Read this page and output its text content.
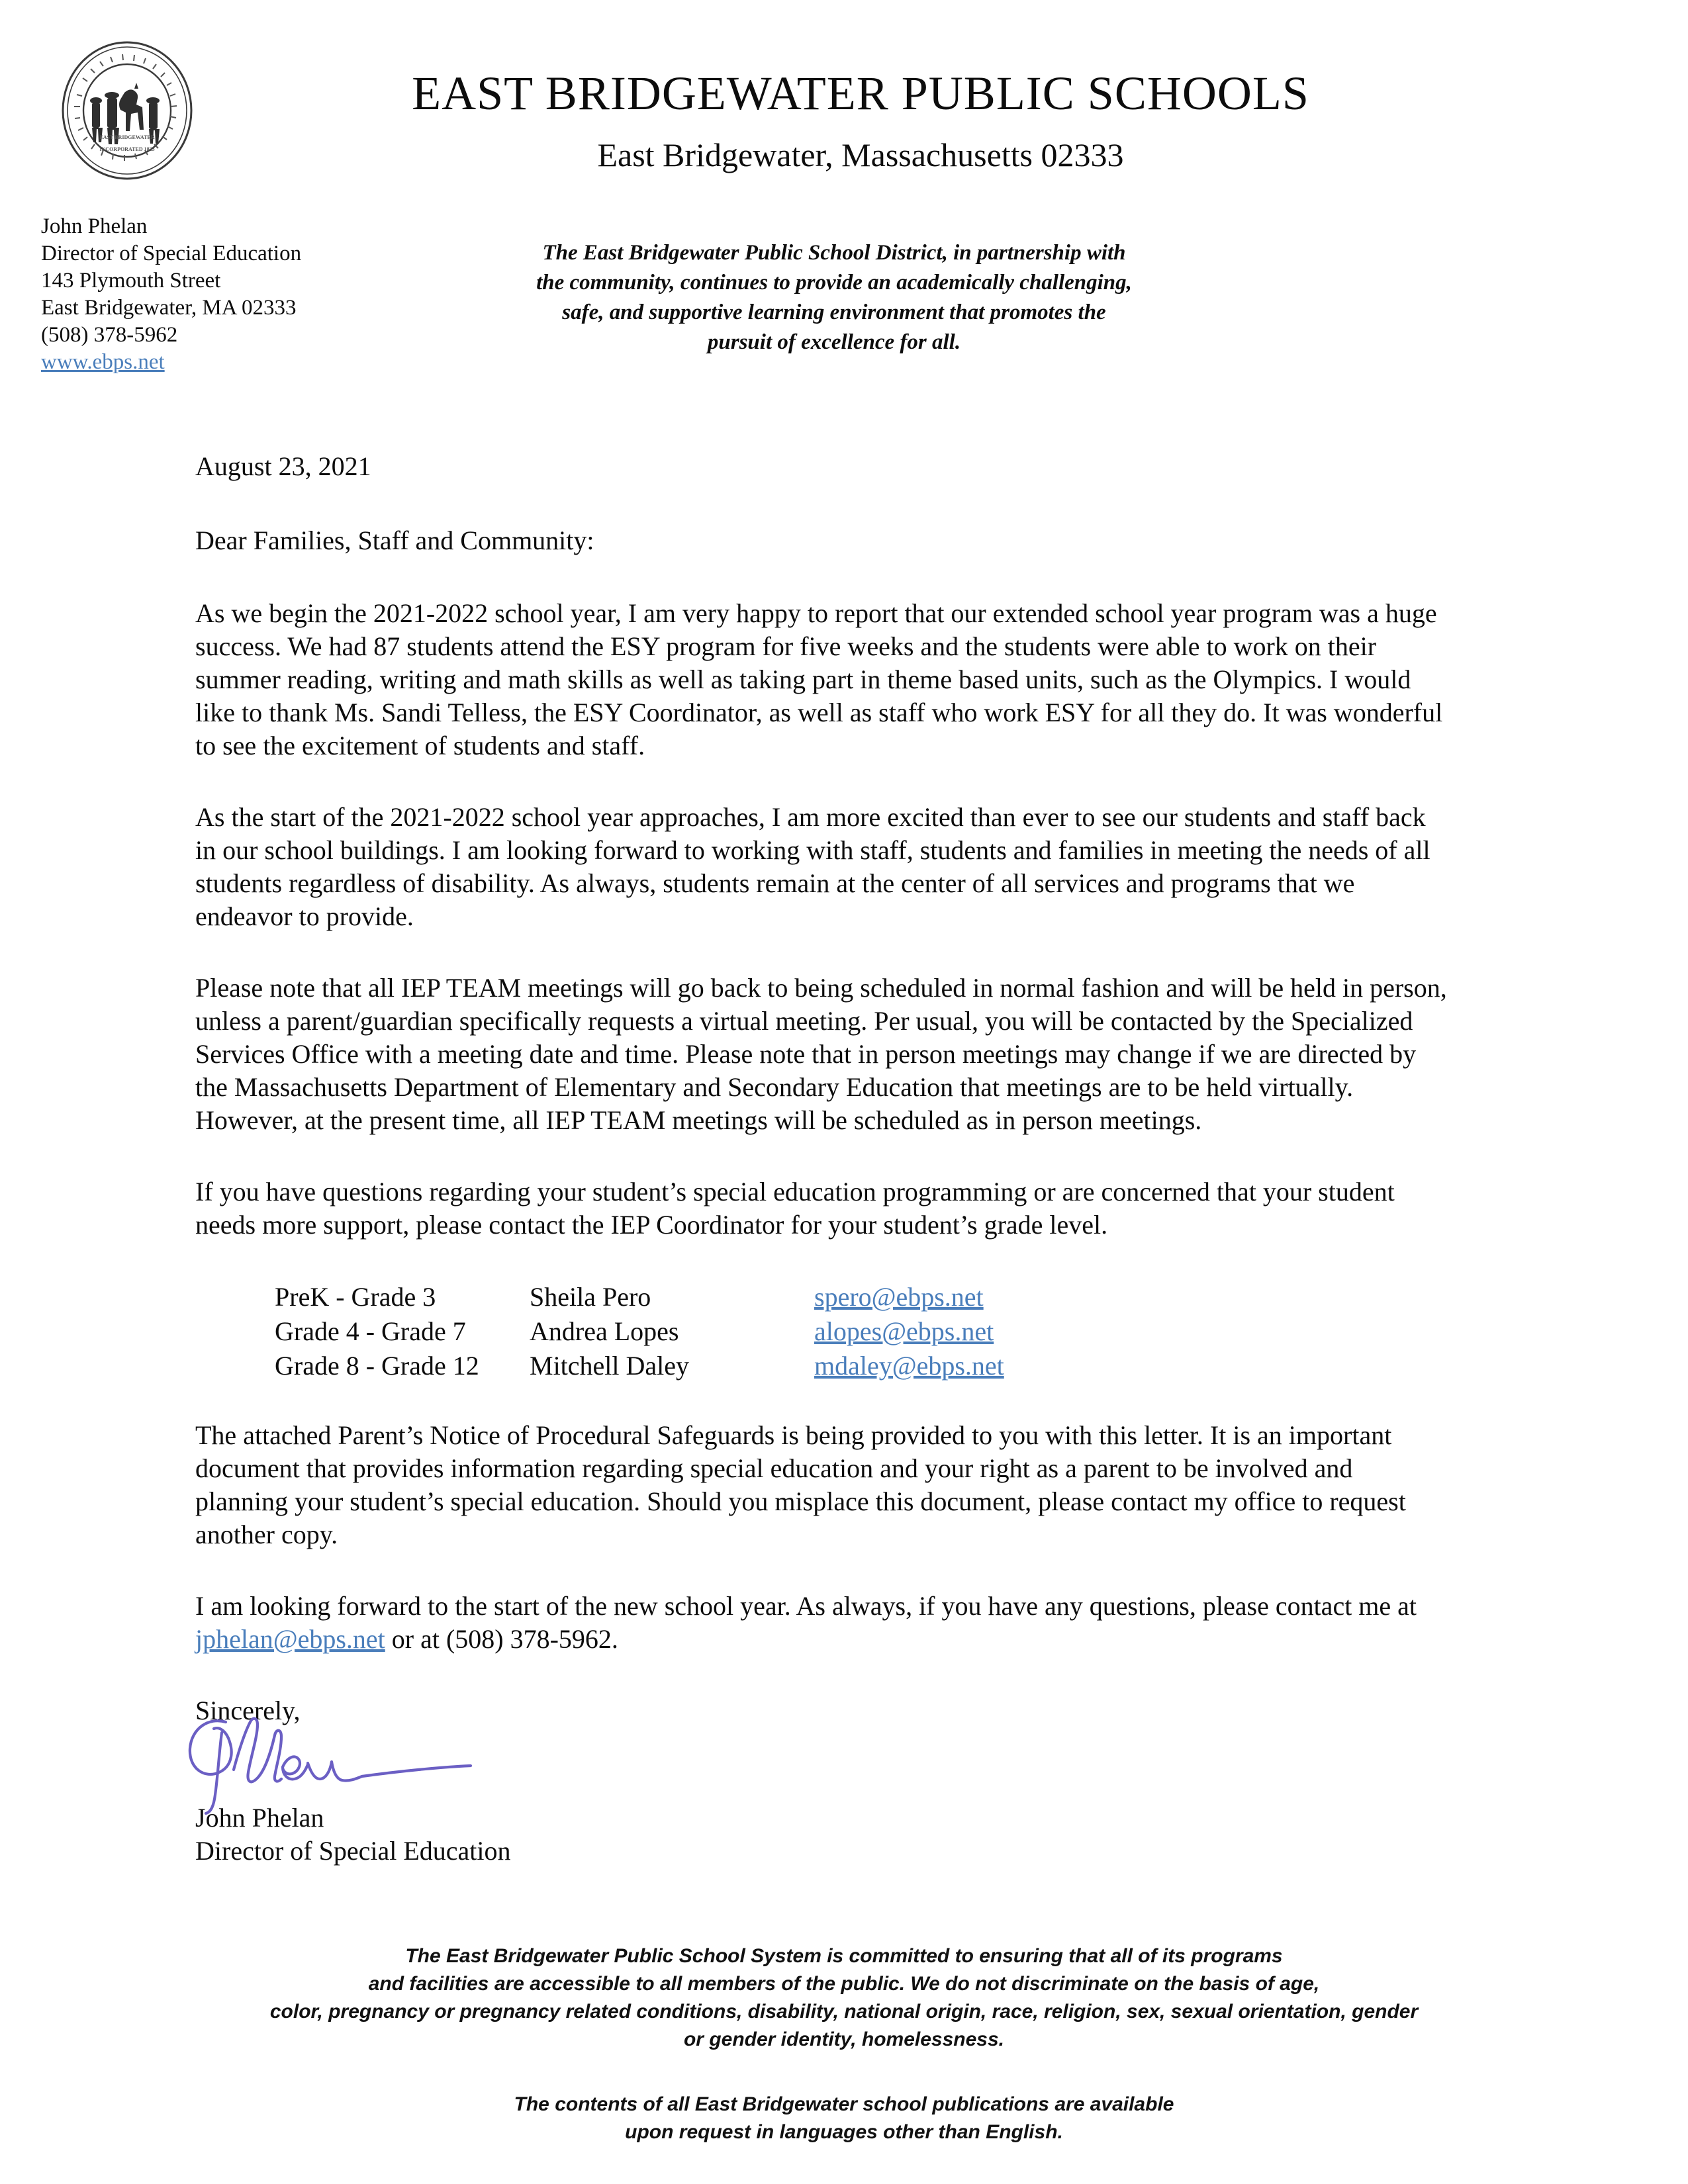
EAST BRIDGEWATER
INCORPORATED 1823
EAST BRIDGEWATER PUBLIC SCHOOLS
East Bridgewater, Massachusetts 02333
John Phelan
Director of Special Education
143 Plymouth Street
East Bridgewater, MA 02333
(508) 378-5962
www.ebps.net
The East Bridgewater Public School District, in partnership with
the community, continues to provide an academically challenging,
safe, and supportive learning environment that promotes the
pursuit of excellence for all.

August 23, 2021

Dear Families, Staff and Community:

As we begin the 2021-2022 school year, I am very happy to report that our extended school year program was a huge success. We had 87 students attend the ESY program for five weeks and the students were able to work on their summer reading, writing and math skills as well as taking part in theme based units, such as the Olympics. I would like to thank Ms. Sandi Telless, the ESY Coordinator, as well as staff who work ESY for all they do. It was wonderful to see the excitement of students and staff.

As the start of the 2021-2022 school year approaches, I am more excited than ever to see our students and staff back in our school buildings. I am looking forward to working with staff, students and families in meeting the needs of all students regardless of disability. As always, students remain at the center of all services and programs that we endeavor to provide.

Please note that all IEP TEAM meetings will go back to being scheduled in normal fashion and will be held in person, unless a parent/guardian specifically requests a virtual meeting. Per usual, you will be contacted by the Specialized Services Office with a meeting date and time. Please note that in person meetings may change if we are directed by the Massachusetts Department of Elementary and Secondary Education that meetings are to be held virtually. However, at the present time, all IEP TEAM meetings will be scheduled as in person meetings.

If you have questions regarding your student’s special education programming or are concerned that your student needs more support, please contact the IEP Coordinator for your student’s grade level.

PreK - Grade 3	Sheila Pero	spero@ebps.net
Grade 4 - Grade 7	Andrea Lopes	alopes@ebps.net
Grade 8 - Grade 12	Mitchell Daley	mdaley@ebps.net

The attached Parent’s Notice of Procedural Safeguards is being provided to you with this letter. It is an important document that provides information regarding special education and your right as a parent to be involved and planning your student’s special education. Should you misplace this document, please contact my office to request another copy.

I am looking forward to the start of the new school year. As always, if you have any questions, please contact me at jphelan@ebps.net or at (508) 378-5962.

Sincerely,

John Phelan

Director of Special Education

The East Bridgewater Public School System is committed to ensuring that all of its programs
and facilities are accessible to all members of the public. We do not discriminate on the basis of age,
color, pregnancy or pregnancy related conditions, disability, national origin, race, religion, sex, sexual orientation, gender
or gender identity, homelessness.
The contents of all East Bridgewater school publications are available
upon request in languages other than English.
